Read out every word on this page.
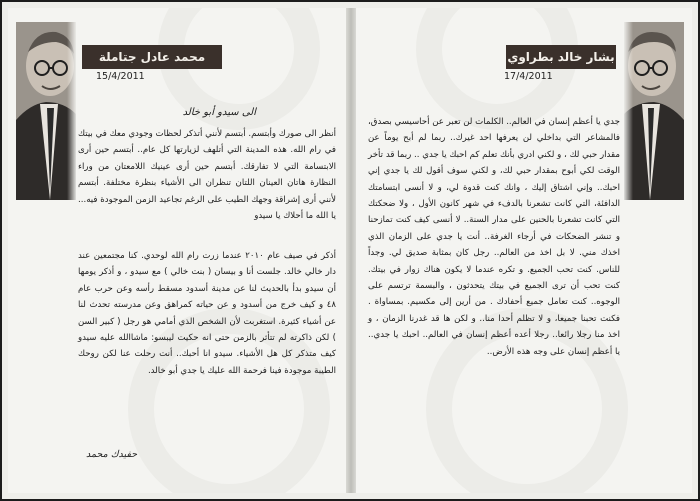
محمد عادل جتاملة
15/4/2011
الى سيدو أبو خالد
أنظر الى صورك وأبتسم. أبتسم لأنني أتذكر لحظات وجودي معك في بيتك في رام الله. هذه المدينة التي أتلهف لزيارتها كل عام.. أبتسم حين أرى الابتسامة التي لا تفارقك. أبتسم حين أرى عينيك اللامعتان من وراء النظارة هاتان العينان اللتان تنظران الى الأشياء بنظرة مختلفة. أبتسم لأنني أرى إشراقة وجهك الطيب على الرغم تجاعيد الزمن الموجودة فيه... يا الله ما أحلاك يا سيدو
أذكر في صيف عام ٢٠١٠ عندما زرت رام الله لوحدي. كنا مجتمعين عند دار خالي خالد. جلست أنا و بيسان ( بنت خالي ) مع سيدو ، و أذكر يومها أن سيدو بدأ بالحديث لنا عن مدينة أسدود مسقط رأسه وعن حرب عام ٤٨ و كيف خرج من أسدود و عن حياته كمراهق وعن مدرسته تحدث لنا عن أشياء كثيرة. استغربت لأن الشخص الذي أمامي هو رجل ( كبير السن ) لكن ذاكرته لم تتأثر بالزمن حتى انه حكيت ليبسو: ماشاالله عليه سيدو كيف متذكر كل هل الأشياء. سيدو انا أحبك.. أنت رحلت عنا لكن روحك الطيبة موجودة فينا فرحمة الله عليك يا جدي أبو خالد.
حفيدك محمد
بشار خالد بطراوي
17/4/2011
جدي يا أعظم إنسان في العالم.. الكلمات لن تعبر عن أحاسيسي بصدق، فالمشاعر التي بداخلي لن يعرفها احد غيرك.. ربما لم أبح يوماً عن مقدار حبي لك ، و لكني ادري بأنك تعلم كم احبك يا جدي .. ربما قد تأخر الوقت لكي أبوح بمقدار حبي لك، و لكني سوف أقول لك يا جدي إني احبك.. وإني اشتاق إليك ، وانك كنت قدوة لي، و لا أنسى ابتسامتك الدافئة، التي كانت تشعرنا بالدفء في شهر كانون الأول ، ولا ضحكتك التي كانت تشعرنا بالحنين على مدار السنة.. لا أنسى كيف كنت تمازحنا و تنشر الضحكات في أرجاء الغرفة.. أنت يا جدي على الزمان الذي اخذك مني. لا بل اخذ من العالم.. رجل كان بمثابة صديق لي. وجداً للناس. كنت تحب الجميع. و تكره عندما لا يكون هناك زوار في بيتك. كنت تحب أن ترى الجميع في بيتك يتحدثون ، والبسمة ترتسم على الوجوه.. كنت تعامل جميع أحفادك . من أرين إلى مكسيم. بمساواة . فكنت تحبنا جميعا، و لا تظلم أحدا منا.. و لكن ها قد غدرنا الزمان ، و اخذ منا رجلا رائعا.. رجلا أعده أعظم إنسان في العالم.. احبك يا جدي.. يا أعظم إنسان على وجه هذه الأرض..
